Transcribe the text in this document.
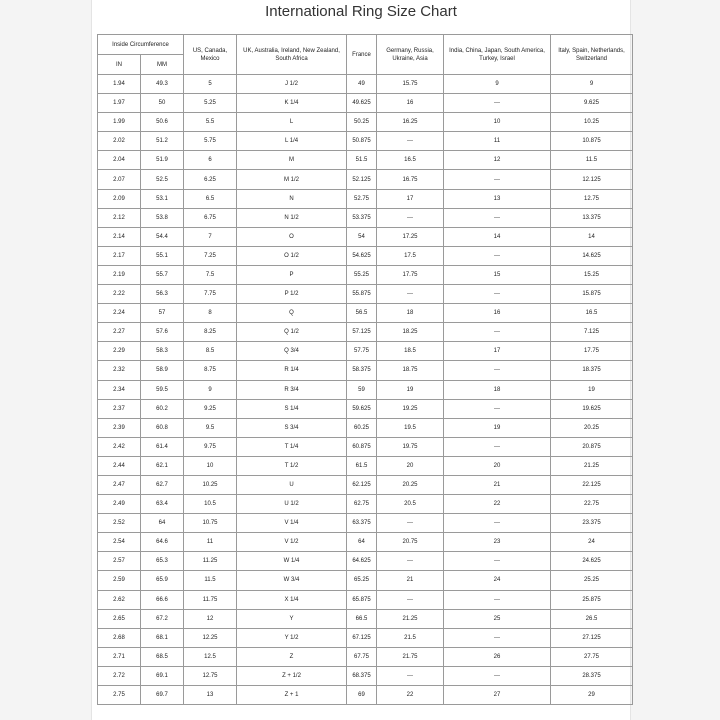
International Ring Size Chart
Inside Circumference		US, Canada, Mexico	UK, Australia, Ireland, New Zealand, South Africa	France	Germany, Russia, Ukraine, Asia	India, China, Japan, South America, Turkey, Israel	Italy, Spain, Netherlands, Switzerland
IN	MM						
1.94	49.3	5	J 1/2	49	15.75	9	9
1.97	50	5.25	K 1/4	49.625	16	---	9.625
1.99	50.6	5.5	L	50.25	16.25	10	10.25
2.02	51.2	5.75	L 1/4	50.875	---	11	10.875
2.04	51.9	6	M	51.5	16.5	12	11.5
2.07	52.5	6.25	M 1/2	52.125	16.75	---	12.125
2.09	53.1	6.5	N	52.75	17	13	12.75
2.12	53.8	6.75	N 1/2	53.375	---	---	13.375
2.14	54.4	7	O	54	17.25	14	14
2.17	55.1	7.25	O 1/2	54.625	17.5	---	14.625
2.19	55.7	7.5	P	55.25	17.75	15	15.25
2.22	56.3	7.75	P 1/2	55.875	---	---	15.875
2.24	57	8	Q	56.5	18	16	16.5
2.27	57.6	8.25	Q 1/2	57.125	18.25	---	7.125
2.29	58.3	8.5	Q 3/4	57.75	18.5	17	17.75
2.32	58.9	8.75	R 1/4	58.375	18.75	---	18.375
2.34	59.5	9	R 3/4	59	19	18	19
2.37	60.2	9.25	S 1/4	59.625	19.25	---	19.625
2.39	60.8	9.5	S 3/4	60.25	19.5	19	20.25
2.42	61.4	9.75	T 1/4	60.875	19.75	---	20.875
2.44	62.1	10	T 1/2	61.5	20	20	21.25
2.47	62.7	10.25	U	62.125	20.25	21	22.125
2.49	63.4	10.5	U 1/2	62.75	20.5	22	22.75
2.52	64	10.75	V 1/4	63.375	---	---	23.375
2.54	64.6	11	V 1/2	64	20.75	23	24
2.57	65.3	11.25	W 1/4	64.625	---	---	24.625
2.59	65.9	11.5	W 3/4	65.25	21	24	25.25
2.62	66.6	11.75	X 1/4	65.875	---	---	25.875
2.65	67.2	12	Y	66.5	21.25	25	26.5
2.68	68.1	12.25	Y 1/2	67.125	21.5	---	27.125
2.71	68.5	12.5	Z	67.75	21.75	26	27.75
2.72	69.1	12.75	Z + 1/2	68.375	---	---	28.375
2.75	69.7	13	Z + 1	69	22	27	29
